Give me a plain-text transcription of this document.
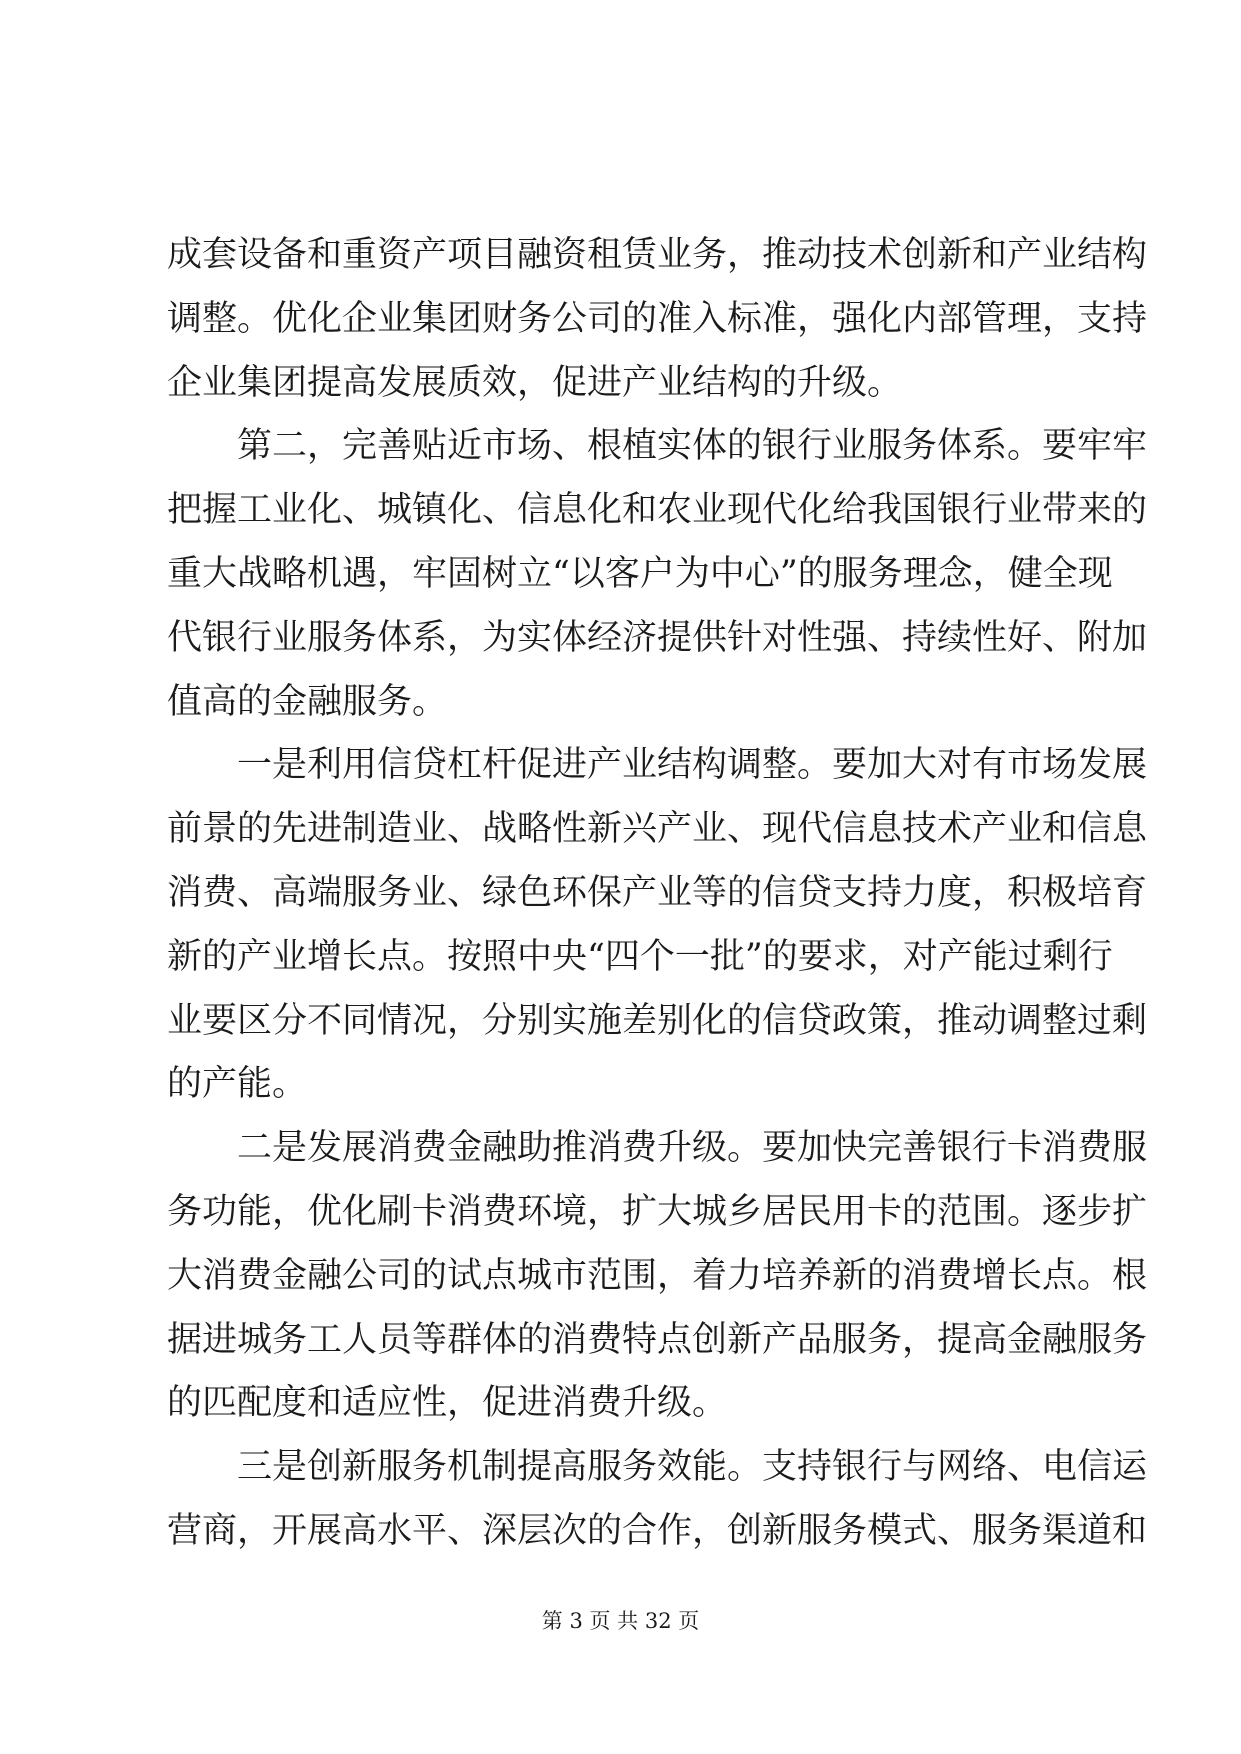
成套设备和重资产项目融资租赁业务，推动技术创新和产业结构
调整。优化企业集团财务公司的准入标准，强化内部管理，支持
企业集团提高发展质效，促进产业结构的升级。
　　第二，完善贴近市场、根植实体的银行业服务体系。要牢牢
把握工业化、城镇化、信息化和农业现代化给我国银行业带来的
重大战略机遇，牢固树立“以客户为中心”的服务理念，健全现
代银行业服务体系，为实体经济提供针对性强、持续性好、附加
值高的金融服务。
　　一是利用信贷杠杆促进产业结构调整。要加大对有市场发展
前景的先进制造业、战略性新兴产业、现代信息技术产业和信息
消费、高端服务业、绿色环保产业等的信贷支持力度，积极培育
新的产业增长点。按照中央“四个一批”的要求，对产能过剩行
业要区分不同情况，分别实施差别化的信贷政策，推动调整过剩
的产能。
　　二是发展消费金融助推消费升级。要加快完善银行卡消费服
务功能，优化刷卡消费环境，扩大城乡居民用卡的范围。逐步扩
大消费金融公司的试点城市范围，着力培养新的消费增长点。根
据进城务工人员等群体的消费特点创新产品服务，提高金融服务
的匹配度和适应性，促进消费升级。
　　三是创新服务机制提高服务效能。支持银行与网络、电信运
营商，开展高水平、深层次的合作，创新服务模式、服务渠道和
第 3 页 共 32 页
